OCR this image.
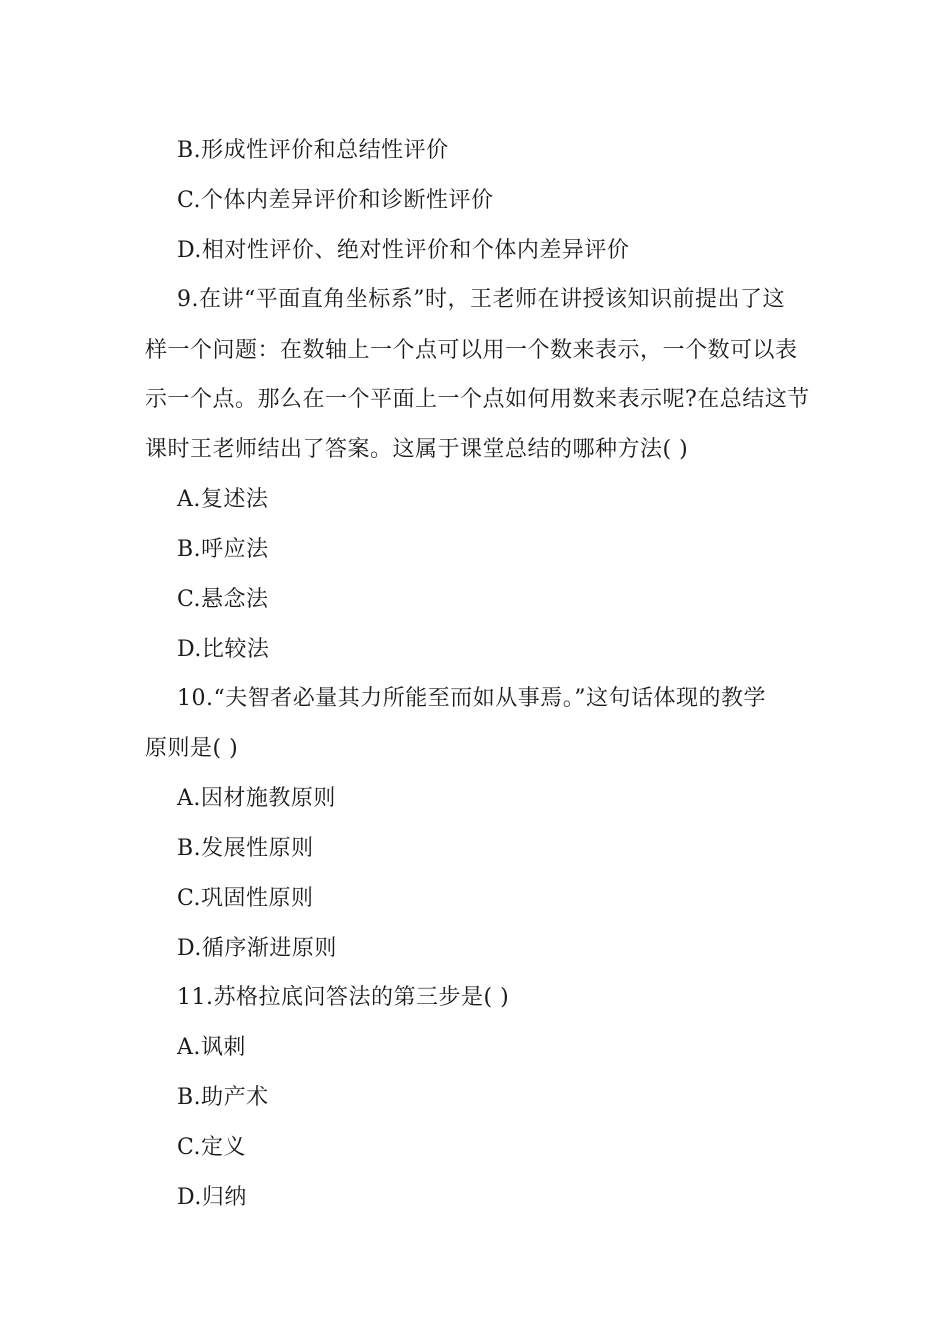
B.形成性评价和总结性评价
C.个体内差异评价和诊断性评价
D.相对性评价、绝对性评价和个体内差异评价
9.在讲“平面直角坐标系”时，王老师在讲授该知识前提出了这
样一个问题：在数轴上一个点可以用一个数来表示，一个数可以表
示一个点。那么在一个平面上一个点如何用数来表示呢?在总结这节
课时王老师结出了答案。这属于课堂总结的哪种方法( )
A.复述法
B.呼应法
C.悬念法
D.比较法
10.“夫智者必量其力所能至而如从事焉。”这句话体现的教学
原则是( )
A.因材施教原则
B.发展性原则
C.巩固性原则
D.循序渐进原则
11.苏格拉底问答法的第三步是( )
A.讽刺
B.助产术
C.定义
D.归纳
